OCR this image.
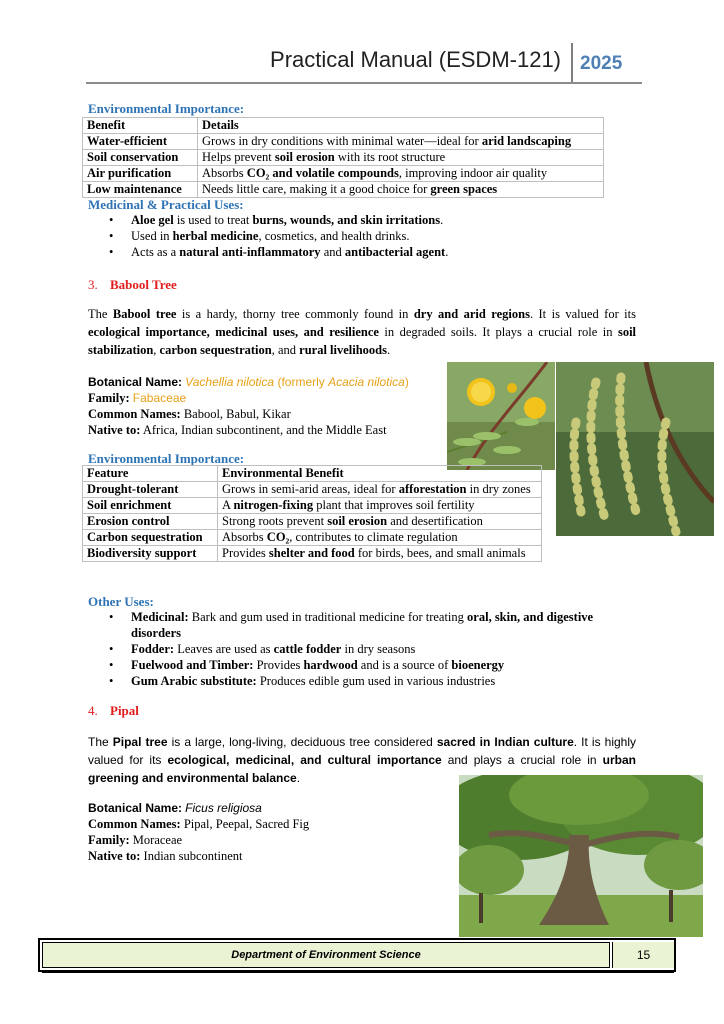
Practical Manual (ESDM-121) 2025
Environmental Importance:
Benefit	Details
Water-efficient	Grows in dry conditions with minimal water—ideal for arid landscaping
Soil conservation	Helps prevent soil erosion with its root structure
Air purification	Absorbs CO₂ and volatile compounds, improving indoor air quality
Low maintenance	Needs little care, making it a good choice for green spaces
Medicinal & Practical Uses:
• Aloe gel is used to treat burns, wounds, and skin irritations.
• Used in herbal medicine, cosmetics, and health drinks.
• Acts as a natural anti-inflammatory and antibacterial agent.
3. Babool Tree
The Babool tree is a hardy, thorny tree commonly found in dry and arid regions. It is valued for its ecological importance, medicinal uses, and resilience in degraded soils. It plays a crucial role in soil stabilization, carbon sequestration, and rural livelihoods.
Botanical Name: Vachellia nilotica (formerly Acacia nilotica)
Family: Fabaceae
Common Names: Babool, Babul, Kikar
Native to: Africa, Indian subcontinent, and the Middle East
Environmental Importance:
Feature	Environmental Benefit
Drought-tolerant	Grows in semi-arid areas, ideal for afforestation in dry zones
Soil enrichment	A nitrogen-fixing plant that improves soil fertility
Erosion control	Strong roots prevent soil erosion and desertification
Carbon sequestration	Absorbs CO₂, contributes to climate regulation
Biodiversity support	Provides shelter and food for birds, bees, and small animals
Other Uses:
• Medicinal: Bark and gum used in traditional medicine for treating oral, skin, and digestive disorders
• Fodder: Leaves are used as cattle fodder in dry seasons
• Fuelwood and Timber: Provides hardwood and is a source of bioenergy
• Gum Arabic substitute: Produces edible gum used in various industries
4. Pipal
The Pipal tree is a large, long-living, deciduous tree considered sacred in Indian culture. It is highly valued for its ecological, medicinal, and cultural importance and plays a crucial role in urban greening and environmental balance.
Botanical Name: Ficus religiosa
Common Names: Pipal, Peepal, Sacred Fig
Family: Moraceae
Native to: Indian subcontinent
Department of Environment Science	15
